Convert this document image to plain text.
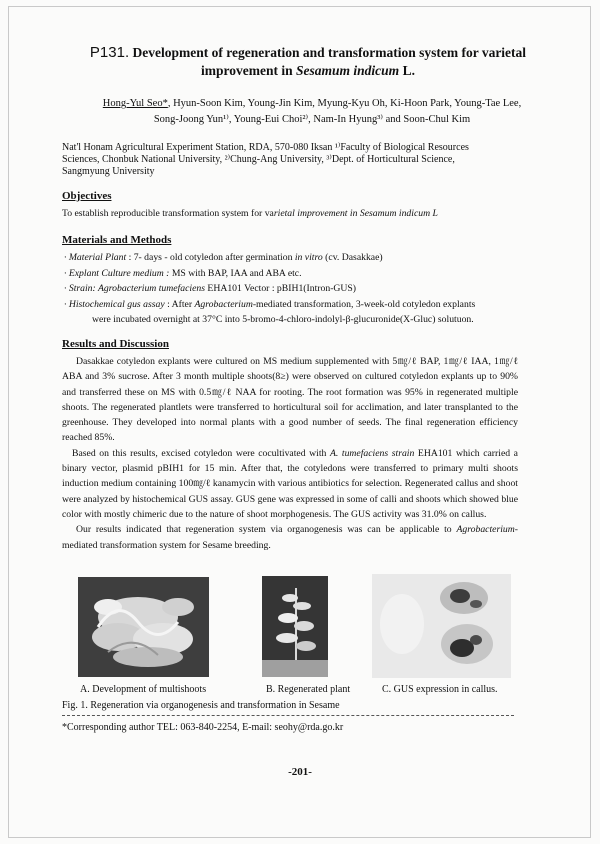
P131. Development of regeneration and transformation system for varietal
improvement in Sesamum indicum L.
Hong-Yul Seo*, Hyun-Soon Kim, Young-Jin Kim, Myung-Kyu Oh, Ki-Hoon Park, Young-Tae Lee,
Song-Joong Yun¹⁾, Young-Eui Choi²⁾, Nam-In Hyung³⁾ and Soon-Chul Kim
Nat'l Honam Agricultural Experiment Station, RDA, 570-080 Iksan ¹⁾Faculty of Biological Resources
Sciences, Chonbuk National University, ²⁾Chung-Ang University, ³⁾Dept. of Horticultural Science,
Sangmyung University
Objectives
To establish reproducible transformation system for varietal improvement in Sesamum indicum L
Materials and Methods
· Material Plant : 7- days - old cotyledon after germination in vitro (cv. Dasakkae)
· Explant Culture medium : MS with BAP, IAA and ABA etc.
· Strain: Agrobacterium tumefaciens EHA101 Vector : pBIH1(Intron-GUS)
· Histochemical gus assay : After Agrobacterium-mediated transformation, 3-week-old cotyledon explants
were incubated overnight at 37°C into 5-bromo-4-chloro-indolyl-β-glucuronide(X-Gluc) solutuon.
Results and Discussion
Dasakkae cotyledon explants were cultured on MS medium supplemented with 5㎎/ℓ BAP, 1㎎/ℓ IAA, 1㎎/ℓ ABA and 3% sucrose. After 3 month multiple shoots(8≥) were observed on cultured cotyledon explants up to 90% and transferred these on MS with 0.5㎎/ℓ NAA for rooting. The root formation was 95% in regenerated multiple shoots. The regenerated plantlets were transferred to horticultural soil for acclimation, and later transplanted to the greenhouse. They developed into normal plants with a good number of seeds. The final regeneration efficiency reached 85%.
Based on this results, excised cotyledon were cocultivated with A. tumefaciens strain EHA101 which carried a binary vector, plasmid pBIH1 for 15 min. After that, the cotyledons were transferred to primary multi shoots induction medium containing 100㎎/ℓ kanamycin with various antibiotics for selection. Regenerated callus and shoot were analyzed by histochemical GUS assay. GUS gene was expressed in some of calli and shoots which showed blue color with mostly chimeric due to the nature of shoot morphogenesis. The GUS activity was 31.0% on callus.
Our results indicated that regeneration system via organogenesis was can be applicable to Agrobacterium-mediated transformation system for Sesame breeding.
A. Development of multishoots	B. Regenerated plant	C. GUS expression in callus.
Fig. 1. Regeneration via organogenesis and transformation in Sesame
*Corresponding author TEL: 063-840-2254, E-mail: seohy@rda.go.kr
-201-
